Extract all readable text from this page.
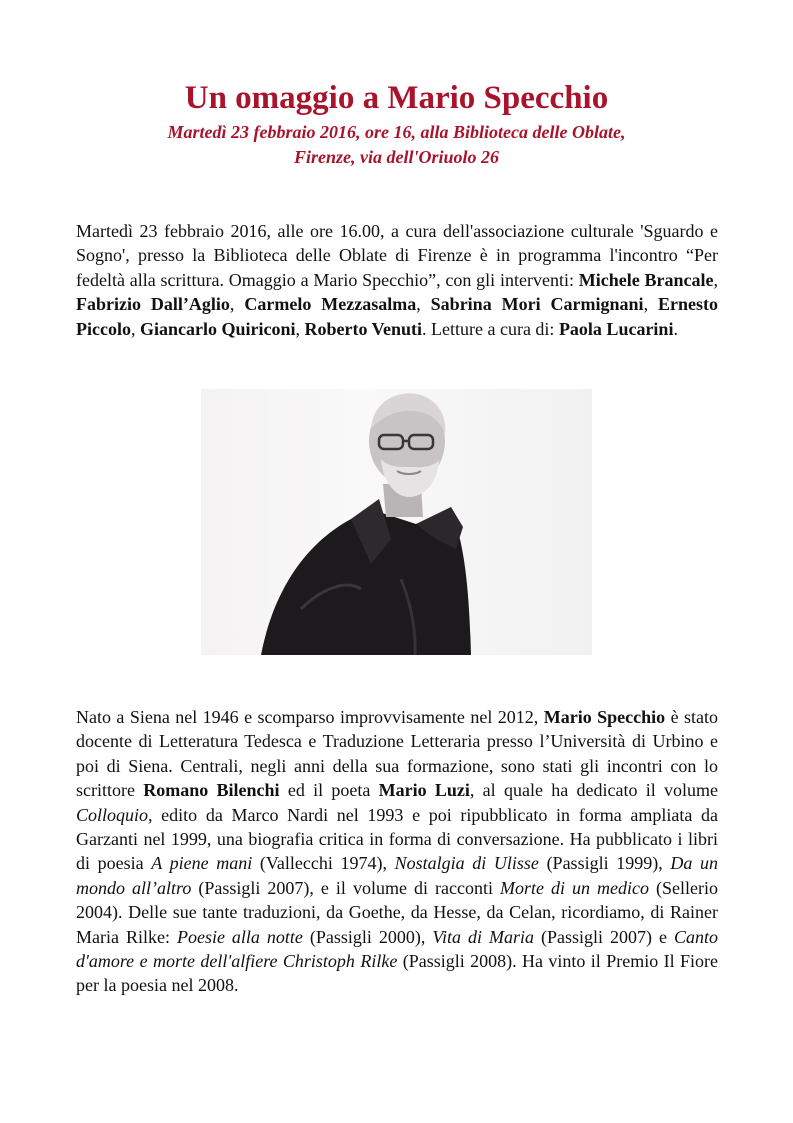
Un omaggio a Mario Specchio

Martedì 23 febbraio 2016, ore 16, alla Biblioteca delle Oblate,

Firenze, via dell'Oriuolo 26

Martedì 23 febbraio 2016, alle ore 16.00, a cura dell'associazione culturale 'Sguardo e Sogno', presso la Biblioteca delle Oblate di Firenze è in programma l'incontro “Per fedeltà alla scrittura. Omaggio a Mario Specchio”, con gli interventi: Michele Brancale, Fabrizio Dall’Aglio, Carmelo Mezzasalma, Sabrina Mori Carmignani, Ernesto Piccolo, Giancarlo Quiriconi, Roberto Venuti. Letture a cura di: Paola Lucarini.

Nato a Siena nel 1946 e scomparso improvvisamente nel 2012, Mario Specchio è stato docente di Letteratura Tedesca e Traduzione Letteraria presso l’Università di Urbino e poi di Siena. Centrali, negli anni della sua formazione, sono stati gli incontri con lo scrittore Romano Bilenchi ed il poeta Mario Luzi, al quale ha dedicato il volume Colloquio, edito da Marco Nardi nel 1993 e poi ripubblicato in forma ampliata da Garzanti nel 1999, una biografia critica in forma di conversazione. Ha pubblicato i libri di poesia A piene mani (Vallecchi 1974), Nostalgia di Ulisse (Passigli 1999), Da un mondo all’altro (Passigli 2007), e il volume di racconti Morte di un medico (Sellerio 2004). Delle sue tante traduzioni, da Goethe, da Hesse, da Celan, ricordiamo, di Rainer Maria Rilke: Poesie alla notte (Passigli 2000), Vita di Maria (Passigli 2007) e Canto d'amore e morte dell'alfiere Christoph Rilke (Passigli 2008). Ha vinto il Premio Il Fiore per la poesia nel 2008.
